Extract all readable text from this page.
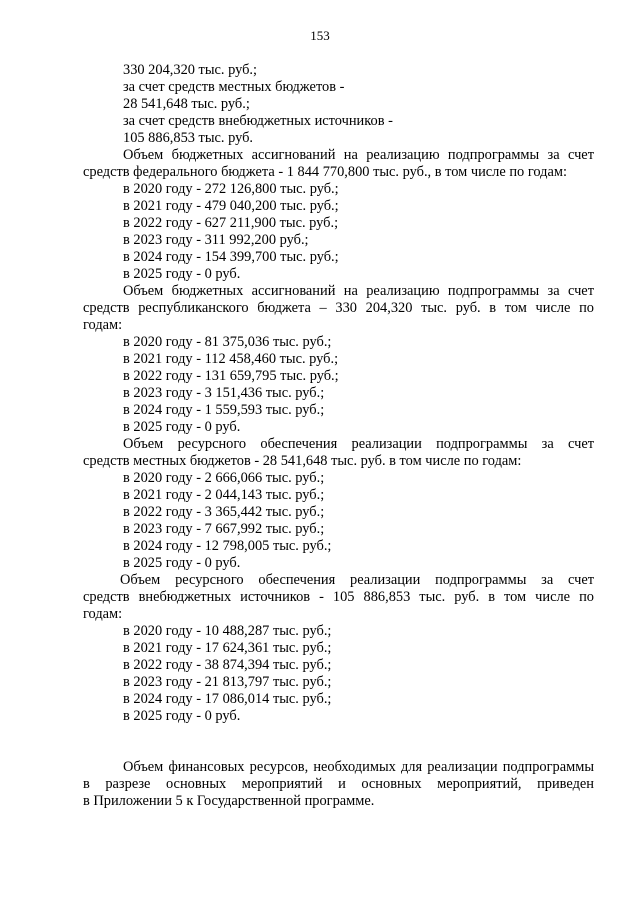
153
330 204,320 тыс. руб.;
за счет средств местных бюджетов -
28 541,648 тыс. руб.;
за счет средств внебюджетных источников -
105 886,853 тыс. руб.
Объем бюджетных ассигнований на реализацию подпрограммы за счет
средств федерального бюджета - 1 844 770,800 тыс. руб., в том числе по годам:
в 2020 году - 272 126,800 тыс. руб.;
в 2021 году - 479 040,200 тыс. руб.;
в 2022 году - 627 211,900 тыс. руб.;
в 2023 году - 311 992,200 руб.;
в 2024 году - 154 399,700 тыс. руб.;
в 2025 году - 0 руб.
Объем бюджетных ассигнований на реализацию подпрограммы за счет
средств республиканского бюджета – 330 204,320 тыс. руб. в том числе по
годам:
в 2020 году - 81 375,036 тыс. руб.;
в 2021 году - 112 458,460 тыс. руб.;
в 2022 году - 131 659,795 тыс. руб.;
в 2023 году - 3 151,436 тыс. руб.;
в 2024 году - 1 559,593 тыс. руб.;
в 2025 году - 0 руб.
Объем ресурсного обеспечения реализации подпрограммы за счет
средств местных бюджетов - 28 541,648 тыс. руб. в том числе по годам:
в 2020 году - 2 666,066 тыс. руб.;
в 2021 году - 2 044,143 тыс. руб.;
в 2022 году - 3 365,442 тыс. руб.;
в 2023 году - 7 667,992 тыс. руб.;
в 2024 году - 12 798,005 тыс. руб.;
в 2025 году - 0 руб.
Объем ресурсного обеспечения реализации подпрограммы за счет
средств внебюджетных источников - 105 886,853 тыс. руб. в том числе по
годам:
в 2020 году - 10 488,287 тыс. руб.;
в 2021 году - 17 624,361 тыс. руб.;
в 2022 году - 38 874,394 тыс. руб.;
в 2023 году - 21 813,797 тыс. руб.;
в 2024 году - 17 086,014 тыс. руб.;
в 2025 году - 0 руб.
Объем финансовых ресурсов, необходимых для реализации подпрограммы
в разрезе основных мероприятий и основных мероприятий, приведен
в Приложении 5 к Государственной программе.
